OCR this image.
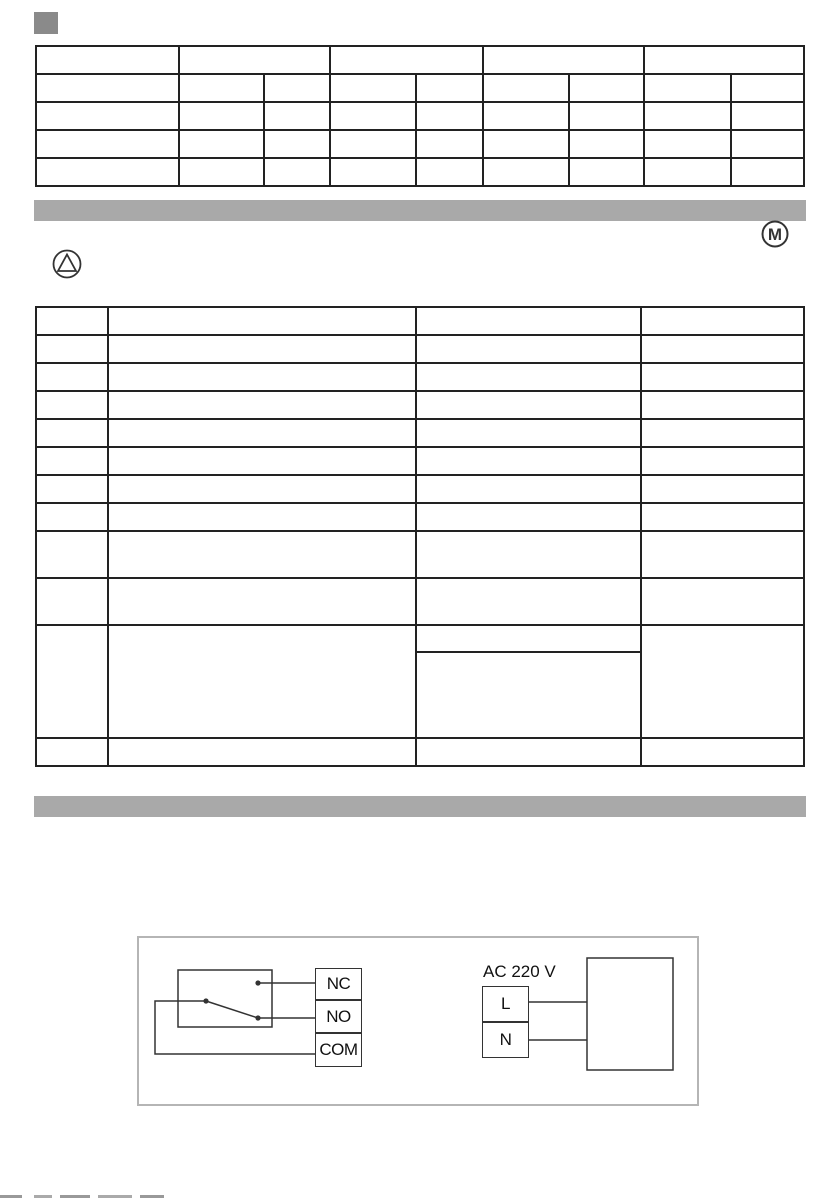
M

NC
NO
COM
AC 220 V
L
N
